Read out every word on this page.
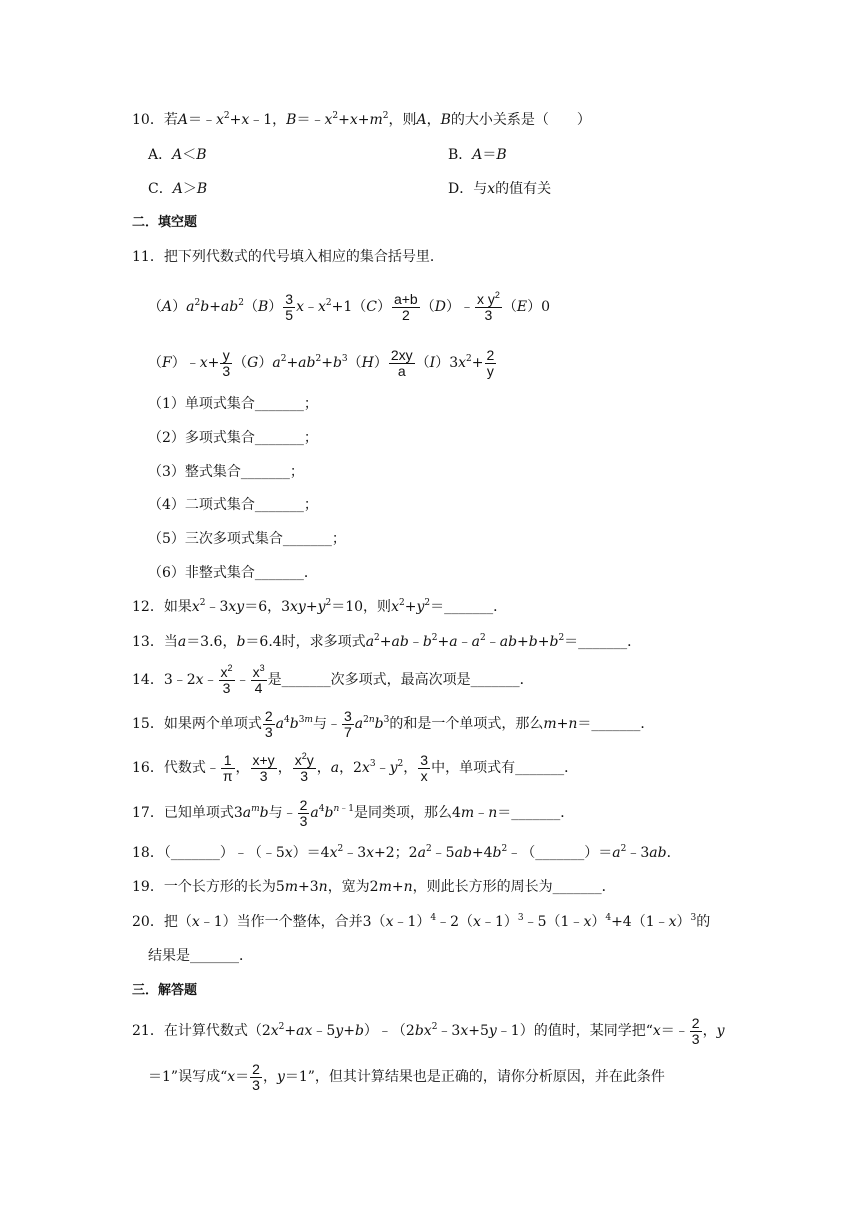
10．若$A=﹣x^2+x﹣1$，$B=﹣x^2+x+m^2$，则A，B的大小关系是（　　）
A．A＜B	B．A＝B
C．A＞B	D．与x的值有关
二．填空题
11．把下列代数式的代号填入相应的集合括号里．
$(A)a^2b+ab^2(B) \frac{3}{5}$ $x﹣x^2+1(C) \frac{a+b}{2}$ （D）﹣ $\frac{x y^2}{3} (E)0$
（F）﹣x+ $\frac{y}{3} (G)a^2+ab^2+b^3(H) \frac{2xy}{a} (I)3x^2+ \frac{2}{y}$
（1）单项式集合_______；
（2）多项式集合_______；
（3）整式集合_______；
（4）二项式集合_______；
（5）三次多项式集合_______；
（6）非整式集合_______．
12．如果$x^2﹣3xy=6$，$3xy+y^2=10$，则$x^2+y^2=\_\_\_\_\_\_\_$．
13．当a＝3.6，b＝6.4时，求多项式$a^2+ab﹣b^2+a﹣a^2﹣ab+b+b^2=\_\_\_\_\_\_\_$．
14．3﹣2x﹣ $\frac{x^2}{3}$ ﹣ $\frac{x^3}{4}$ 是_______次多项式，最高次项是_______．
15．如果两个单项式 $\frac{2}{3} a^4b^{3m}$与﹣ $\frac{3}{7} a^{2n}b^3$的和是一个单项式，那么m+n＝_______．
16．代数式﹣ $\frac{1}{\pi}$ ， $\frac{x+y}{3}$ ， $\frac{x^2y}{3}$ ，a，$2x^3﹣y^2$， $\frac{3}{x}$ 中，单项式有_______．
17．已知单项式$3a^mb$与﹣ $\frac{2}{3} a^4b^{n﹣1}$是同类项，那么4m﹣n＝_______．
18．$(\_\_\_\_\_\_\_)﹣(﹣5x)=4x^2﹣3x+2$；$2a^2﹣5ab+4b^2﹣(\_\_\_\_\_\_\_)=a^2﹣3ab$．
19．一个长方形的长为5m+3n，宽为2m+n，则此长方形的周长为_______．
20．把（x﹣1）当作一个整体，合并3（x﹣1）$^4$﹣2（x﹣1）$^3$﹣5（1﹣x）$^4$+4（1﹣x）$^3$的
结果是_______．
三．解答题
21．在计算代数式$(2x^2+ax﹣5y+b)﹣(2bx^2﹣3x+5y﹣1)$的值时，某同学把“x＝﹣ $\frac{2}{3}$ ，y
＝1”误写成“$x= \frac{2}{3}$ ，y＝1”，但其计算结果也是正确的，请你分析原因，并在此条件
